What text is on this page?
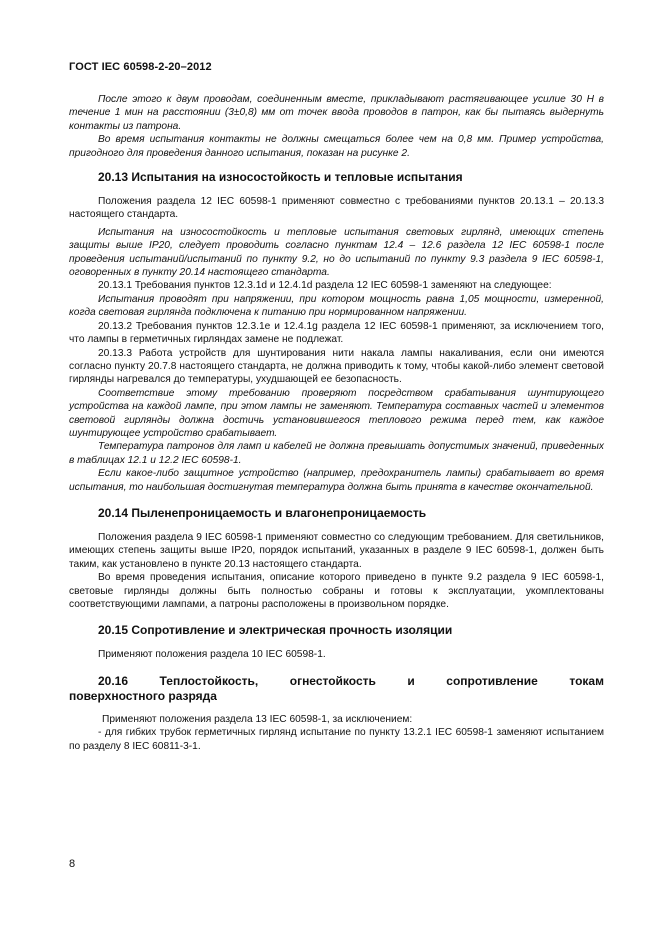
ГОСТ IEC 60598-2-20–2012

После этого к двум проводам, соединенным вместе, прикладывают растягивающее усилие 30 Н в течение 1 мин на расстоянии (3±0,8) мм от точек ввода проводов в патрон, как бы пытаясь выдернуть контакты из патрона.

Во время испытания контакты не должны смещаться более чем на 0,8 мм. Пример устройства, пригодного для проведения данного испытания, показан на рисунке 2.

20.13 Испытания на износостойкость и тепловые испытания

Положения раздела 12 IEC 60598-1 применяют совместно с требованиями пунктов 20.13.1 – 20.13.3 настоящего стандарта.

Испытания на износостойкость и тепловые испытания световых гирлянд, имеющих степень защиты выше IP20, следует проводить согласно пунктам 12.4 – 12.6 раздела 12 IEC 60598-1 после проведения испытаний/испытаний по пункту 9.2, но до испытаний по пункту 9.3 раздела 9 IEC 60598-1, оговоренных в пункту 20.14 настоящего стандарта.

20.13.1 Требования пунктов 12.3.1d и 12.4.1d раздела 12 IEC 60598-1 заменяют на следующее:

Испытания проводят при напряжении, при котором мощность равна 1,05 мощности, измеренной, когда световая гирлянда подключена к питанию при нормированном напряжении.

20.13.2 Требования пунктов 12.3.1e и 12.4.1g раздела 12 IEC 60598-1 применяют, за исключением того, что лампы в герметичных гирляндах замене не подлежат.

20.13.3 Работа устройств для шунтирования нити накала лампы накаливания, если они имеются согласно пункту 20.7.8 настоящего стандарта, не должна приводить к тому, чтобы какой-либо элемент световой гирлянды нагревался до температуры, ухудшающей ее безопасность.

Соответствие этому требованию проверяют посредством срабатывания шунтирующего устройства на каждой лампе, при этом лампы не заменяют. Температура составных частей и элементов световой гирлянды должна достичь установившегося теплового режима перед тем, как каждое шунтирующее устройство срабатывает.

Температура патронов для ламп и кабелей не должна превышать допустимых значений, приведенных в таблицах 12.1 и 12.2 IEC 60598-1.

Если какое-либо защитное устройство (например, предохранитель лампы) срабатывает во время испытания, то наибольшая достигнутая температура должна быть принята в качестве окончательной.

20.14 Пыленепроницаемость и влагонепроницаемость

Положения раздела 9 IEC 60598-1 применяют совместно со следующим требованием. Для светильников, имеющих степень защиты выше IP20, порядок испытаний, указанных в разделе 9 IEC 60598-1, должен быть таким, как установлено в пункте 20.13 настоящего стандарта.

Во время проведения испытания, описание которого приведено в пункте 9.2 раздела 9 IEC 60598-1, световые гирлянды должны быть полностью собраны и готовы к эксплуатации, укомплектованы соответствующими лампами, а патроны расположены в произвольном порядке.

20.15 Сопротивление и электрическая прочность изоляции

Применяют положения раздела 10 IEC 60598-1.

20.16	Теплостойкость,	огнестойкость	и	сопротивление	токам
поверхностного разряда

Применяют положения раздела 13 IEC 60598-1, за исключением:

- для гибких трубок герметичных гирлянд испытание по пункту 13.2.1 IEC 60598-1 заменяют испытанием по разделу 8 IEC 60811-3-1.

8
